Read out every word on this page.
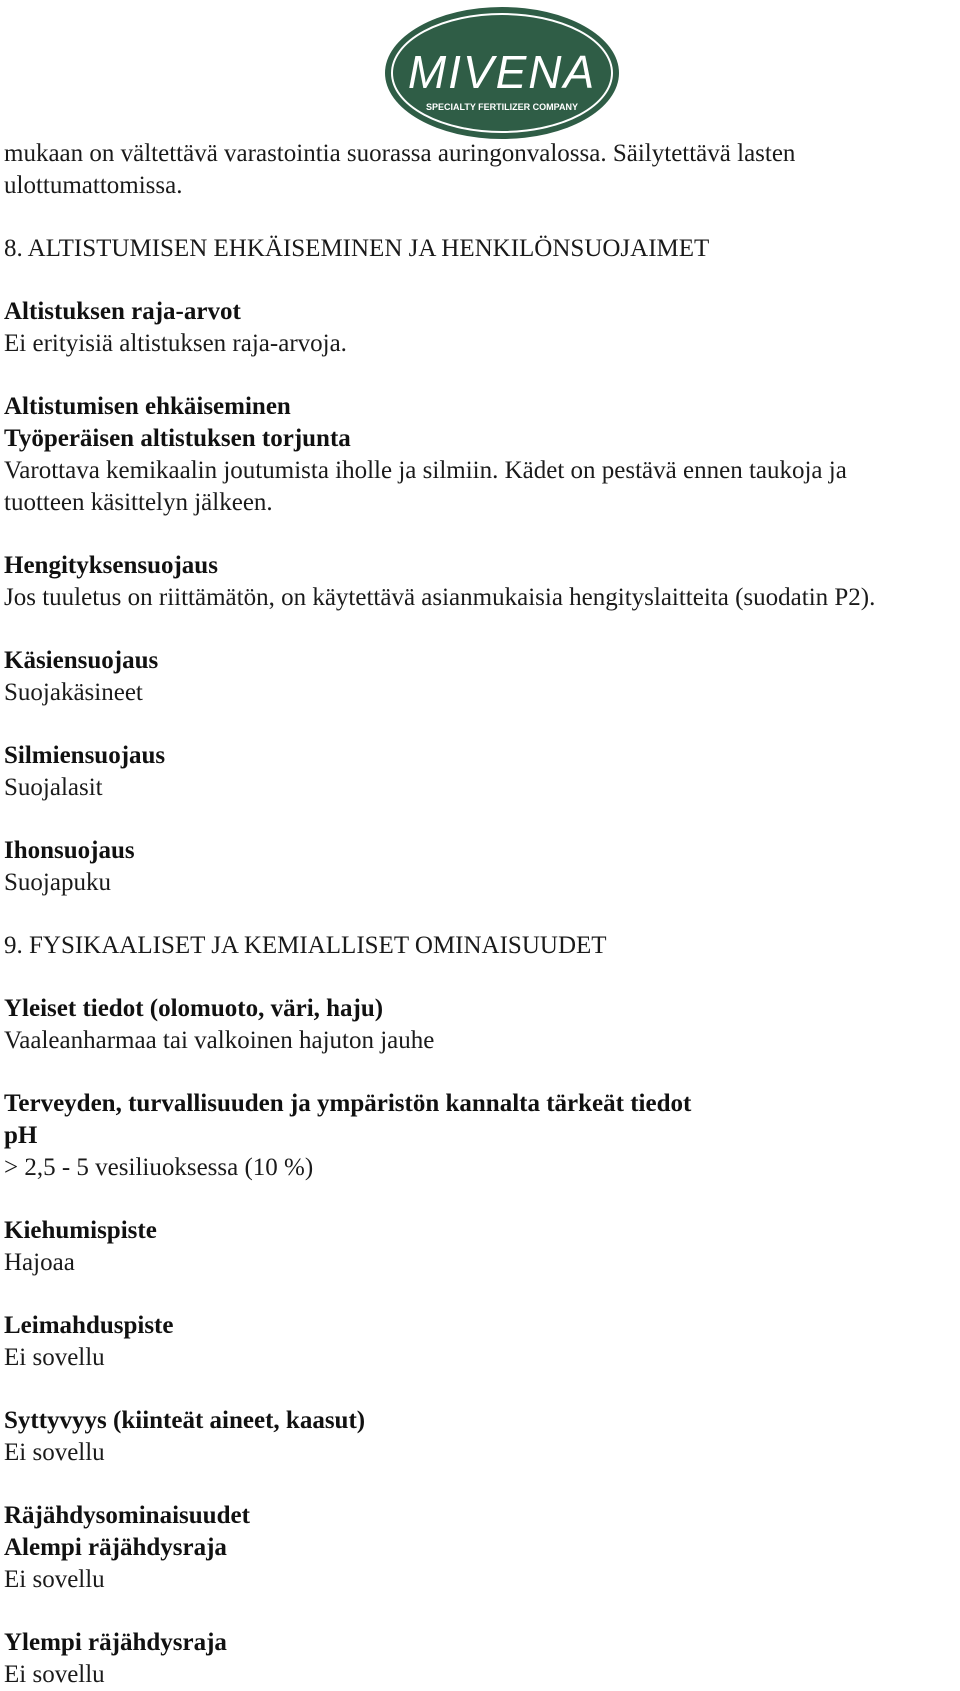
MIVENA
SPECIALTY FERTILIZER COMPANY

mukaan on vältettävä varastointia suorassa auringonvalossa. Säilytettävä lasten

ulottumattomissa.

8. ALTISTUMISEN EHKÄISEMINEN JA HENKILÖNSUOJAIMET

Altistuksen raja-arvot

Ei erityisiä altistuksen raja-arvoja.

Altistumisen ehkäiseminen

Työperäisen altistuksen torjunta

Varottava kemikaalin joutumista iholle ja silmiin. Kädet on pestävä ennen taukoja ja

tuotteen käsittelyn jälkeen.

Hengityksensuojaus

Jos tuuletus on riittämätön, on käytettävä asianmukaisia hengityslaitteita (suodatin P2).

Käsiensuojaus

Suojakäsineet

Silmiensuojaus

Suojalasit

Ihonsuojaus

Suojapuku

9. FYSIKAALISET JA KEMIALLISET OMINAISUUDET

Yleiset tiedot (olomuoto, väri, haju)

Vaaleanharmaa tai valkoinen hajuton jauhe

Terveyden, turvallisuuden ja ympäristön kannalta tärkeät tiedot

pH

> 2,5 - 5 vesiliuoksessa (10 %)

Kiehumispiste

Hajoaa

Leimahduspiste

Ei sovellu

Syttyvyys (kiinteät aineet, kaasut)

Ei sovellu

Räjähdysominaisuudet

Alempi räjähdysraja

Ei sovellu

Ylempi räjähdysraja

Ei sovellu
